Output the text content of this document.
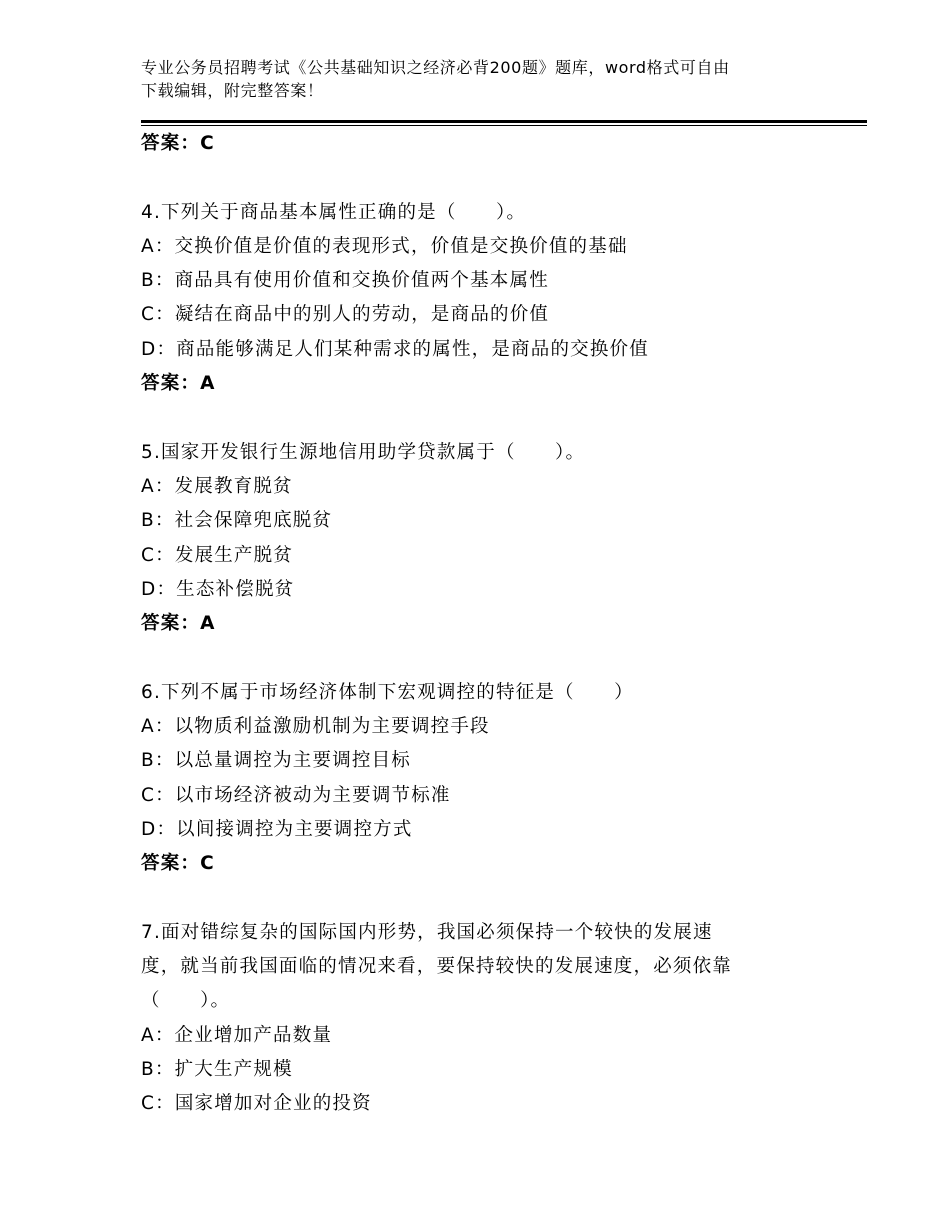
专业公务员招聘考试《公共基础知识之经济必背200题》题库，word格式可自由
下载编辑，附完整答案！
答案：C
4.下列关于商品基本属性正确的是（　　）。
A：交换价值是价值的表现形式，价值是交换价值的基础
B：商品具有使用价值和交换价值两个基本属性
C：凝结在商品中的别人的劳动，是商品的价值
D：商品能够满足人们某种需求的属性，是商品的交换价值
答案：A
5.国家开发银行生源地信用助学贷款属于（　　）。
A：发展教育脱贫
B：社会保障兜底脱贫
C：发展生产脱贫
D：生态补偿脱贫
答案：A
6.下列不属于市场经济体制下宏观调控的特征是（　　）
A：以物质利益激励机制为主要调控手段
B：以总量调控为主要调控目标
C：以市场经济被动为主要调节标准
D：以间接调控为主要调控方式
答案：C
7.面对错综复杂的国际国内形势，我国必须保持一个较快的发展速
度，就当前我国面临的情况来看，要保持较快的发展速度，必须依靠
（　　）。
A：企业增加产品数量
B：扩大生产规模
C：国家增加对企业的投资
